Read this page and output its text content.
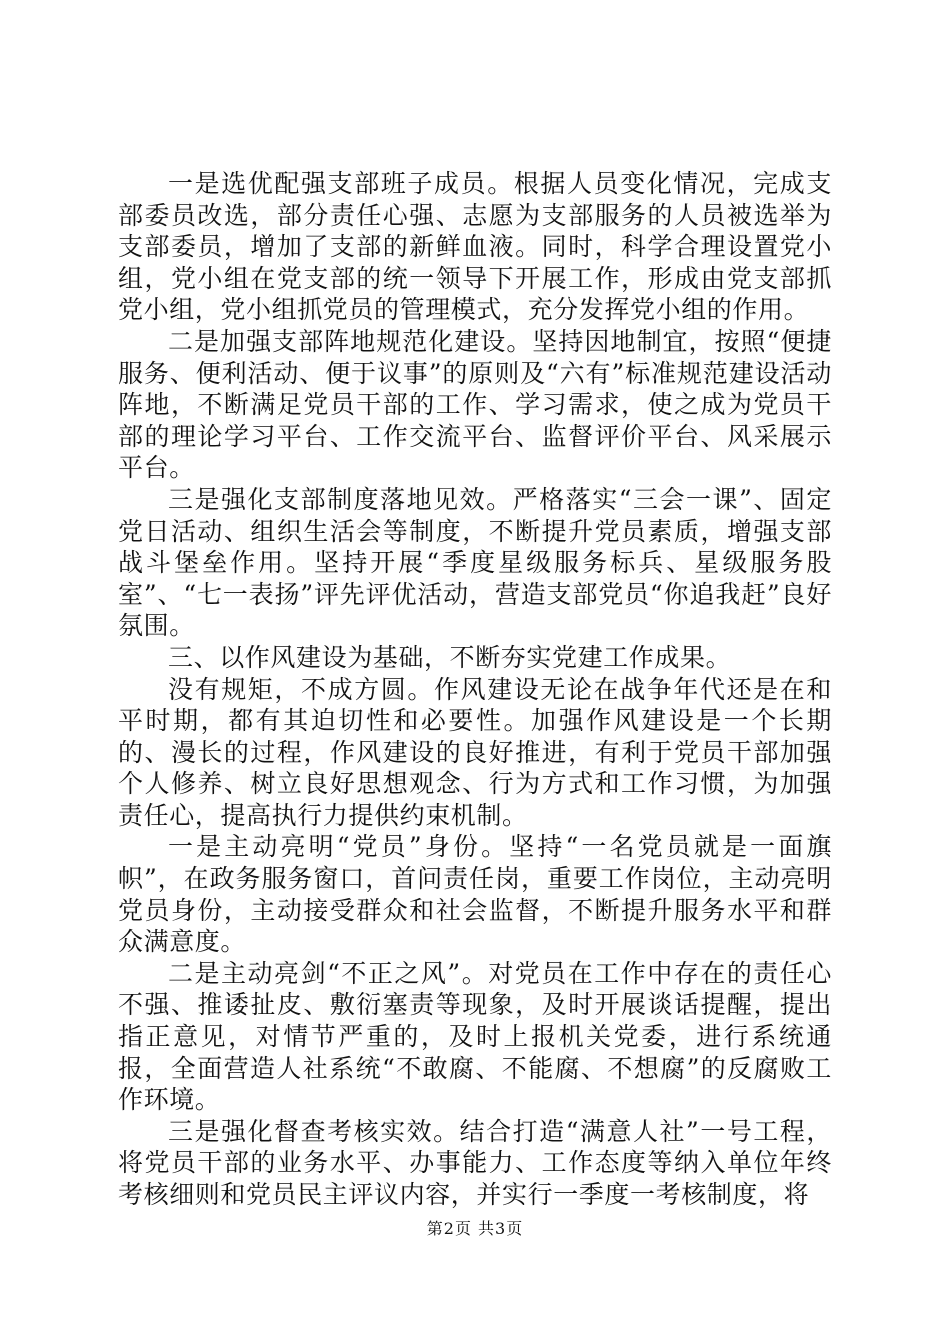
一是选优配强支部班子成员。根据人员变化情况，完成支部委员改选，部分责任心强、志愿为支部服务的人员被选举为支部委员，增加了支部的新鲜血液。同时，科学合理设置党小组，党小组在党支部的统一领导下开展工作，形成由党支部抓党小组，党小组抓党员的管理模式，充分发挥党小组的作用。

二是加强支部阵地规范化建设。坚持因地制宜，按照“便捷服务、便利活动、便于议事”的原则及“六有”标准规范建设活动阵地，不断满足党员干部的工作、学习需求，使之成为党员干部的理论学习平台、工作交流平台、监督评价平台、风采展示平台。

三是强化支部制度落地见效。严格落实“三会一课”、固定党日活动、组织生活会等制度，不断提升党员素质，增强支部战斗堡垒作用。坚持开展“季度星级服务标兵、星级服务股室”、“七一表扬”评先评优活动，营造支部党员“你追我赶”良好氛围。

三、以作风建设为基础，不断夯实党建工作成果。

没有规矩，不成方圆。作风建设无论在战争年代还是在和平时期，都有其迫切性和必要性。加强作风建设是一个长期的、漫长的过程，作风建设的良好推进，有利于党员干部加强个人修养、树立良好思想观念、行为方式和工作习惯，为加强责任心，提高执行力提供约束机制。

一是主动亮明“党员”身份。坚持“一名党员就是一面旗帜”，在政务服务窗口，首问责任岗，重要工作岗位，主动亮明党员身份，主动接受群众和社会监督，不断提升服务水平和群众满意度。

二是主动亮剑“不正之风”。对党员在工作中存在的责任心不强、推诿扯皮、敷衍塞责等现象，及时开展谈话提醒，提出指正意见，对情节严重的，及时上报机关党委，进行系统通报，全面营造人社系统“不敢腐、不能腐、不想腐”的反腐败工作环境。

三是强化督查考核实效。结合打造“满意人社”一号工程，将党员干部的业务水平、办事能力、工作态度等纳入单位年终考核细则和党员民主评议内容，并实行一季度一考核制度，将

第2页 共3页
